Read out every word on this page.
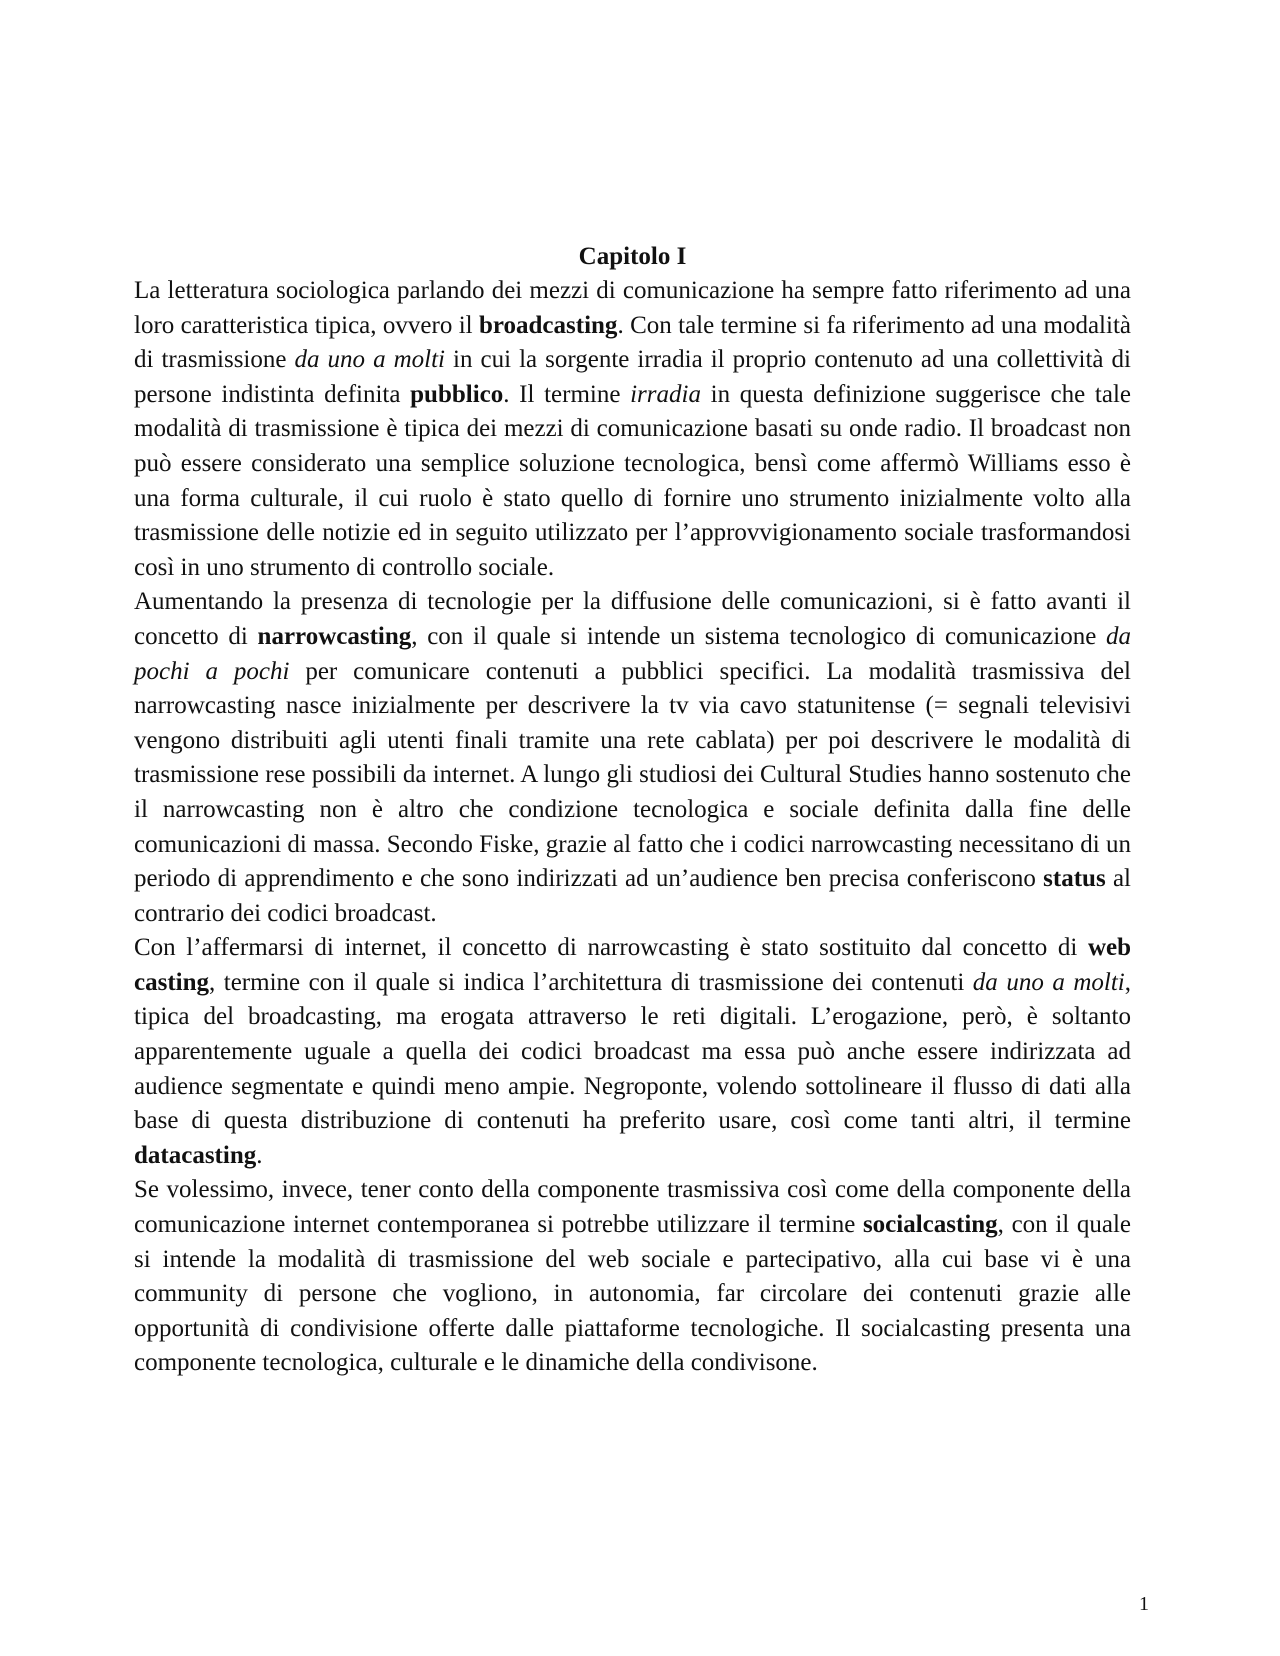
Capitolo I

La letteratura sociologica parlando dei mezzi di comunicazione ha sempre fatto riferimento ad una loro caratteristica tipica, ovvero il broadcasting. Con tale termine si fa riferimento ad una modalità di trasmissione da uno a molti in cui la sorgente irradia il proprio contenuto ad una collettività di persone indistinta definita pubblico. Il termine irradia in questa definizione suggerisce che tale modalità di trasmissione è tipica dei mezzi di comunicazione basati su onde radio. Il broadcast non può essere considerato una semplice soluzione tecnologica, bensì come affermò Williams esso è una forma culturale, il cui ruolo è stato quello di fornire uno strumento inizialmente volto alla trasmissione delle notizie ed in seguito utilizzato per l’approvvigionamento sociale trasformandosi così in uno strumento di controllo sociale.

Aumentando la presenza di tecnologie per la diffusione delle comunicazioni, si è fatto avanti il concetto di narrowcasting, con il quale si intende un sistema tecnologico di comunicazione da pochi a pochi per comunicare contenuti a pubblici specifici. La modalità trasmissiva del narrowcasting nasce inizialmente per descrivere la tv via cavo statunitense (= segnali televisivi vengono distribuiti agli utenti finali tramite una rete cablata) per poi descrivere le modalità di trasmissione rese possibili da internet. A lungo gli studiosi dei Cultural Studies hanno sostenuto che il narrowcasting non è altro che condizione tecnologica e sociale definita dalla fine delle comunicazioni di massa. Secondo Fiske, grazie al fatto che i codici narrowcasting necessitano di un periodo di apprendimento e che sono indirizzati ad un’audience ben precisa conferiscono status al contrario dei codici broadcast.

Con l’affermarsi di internet, il concetto di narrowcasting è stato sostituito dal concetto di web casting, termine con il quale si indica l’architettura di trasmissione dei contenuti da uno a molti, tipica del broadcasting, ma erogata attraverso le reti digitali. L’erogazione, però, è soltanto apparentemente uguale a quella dei codici broadcast ma essa può anche essere indirizzata ad audience segmentate e quindi meno ampie. Negroponte, volendo sottolineare il flusso di dati alla base di questa distribuzione di contenuti ha preferito usare, così come tanti altri, il termine datacasting.

Se volessimo, invece, tener conto della componente trasmissiva così come della componente della comunicazione internet contemporanea si potrebbe utilizzare il termine socialcasting, con il quale si intende la modalità di trasmissione del web sociale e partecipativo, alla cui base vi è una community di persone che vogliono, in autonomia, far circolare dei contenuti grazie alle opportunità di condivisione offerte dalle piattaforme tecnologiche. Il socialcasting presenta una componente tecnologica, culturale e le dinamiche della condivisone.

1
